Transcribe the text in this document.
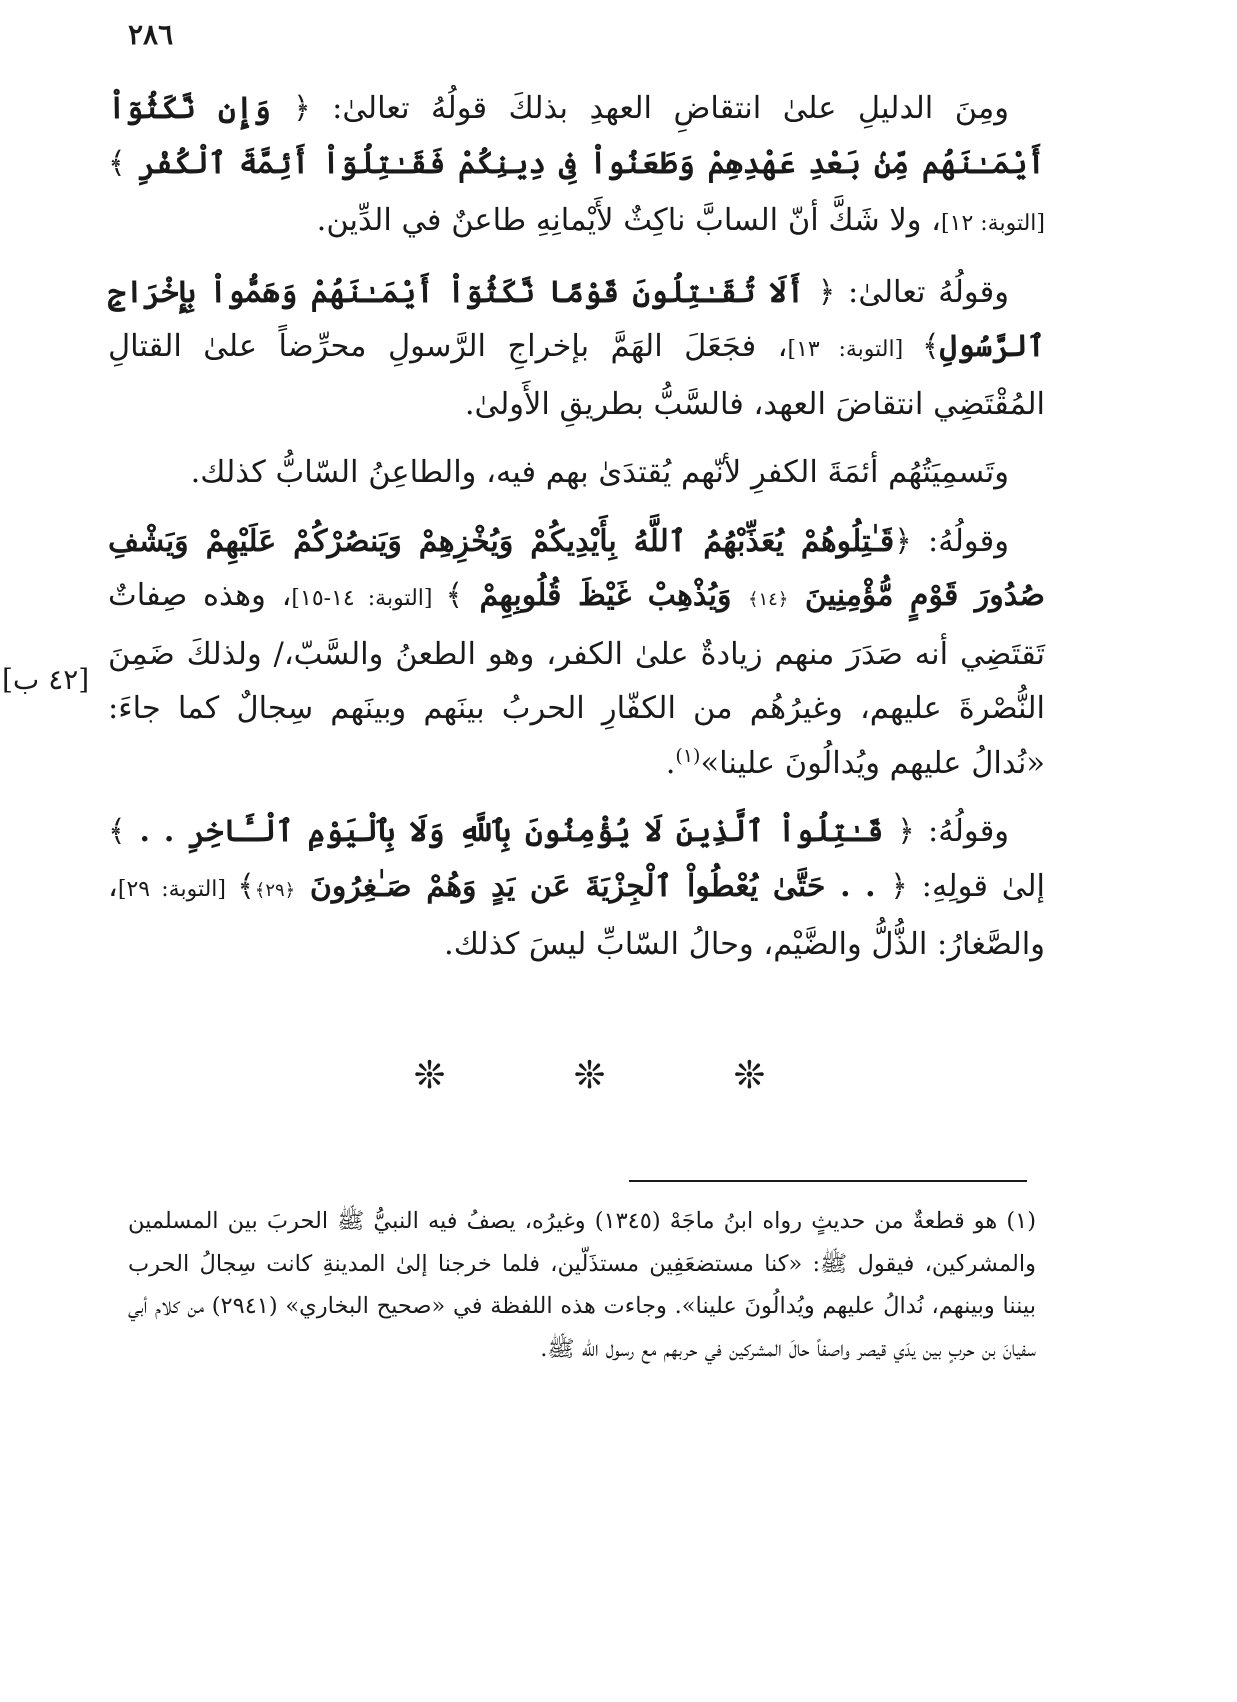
٢٨٦

ومِنَ الدليلِ علىٰ انتقاضِ العهدِ بذلكَ قولُهُ تعالىٰ: ﴿ وَإِن نَّكَثُوٓاْ أَيْمَـٰنَهُم مِّنۢ بَعْدِ عَهْدِهِمْ وَطَعَنُواْ فِى دِينِكُمْ فَقَـٰتِلُوٓاْ أَئِمَّةَ ٱلْكُفْرِ ﴾ [التوبة: ١٢]، ولا شَكَّ أنّ السابَّ ناكِثٌ لأَيْمانِهِ طاعنٌ في الدِّين.

وقولُهُ تعالىٰ: ﴿ أَلَا تُقَـٰتِلُونَ قَوْمًا نَّكَثُوٓاْ أَيْمَـٰنَهُمْ وَهَمُّواْ بِإِخْرَاجِ ٱلرَّسُولِ﴾ [التوبة: ١٣]، فجَعَلَ الهَمَّ بإخراجِ الرَّسولِ محرِّضاً علىٰ القتالِ المُقْتَضِي انتقاضَ العهد، فالسَّبُّ بطريقِ الأَولىٰ.

وتَسمِيَتُهُم أئمَةَ الكفرِ لأنّهم يُقتدَىٰ بهم فيه، والطاعِنُ السّابُّ كذلك.

وقولُهُ: ﴿قَـٰتِلُوهُمْ يُعَذِّبْهُمُ ٱللَّهُ بِأَيْدِيكُمْ وَيُخْزِهِمْ وَيَنصُرْكُمْ عَلَيْهِمْ وَيَشْفِ صُدُورَ قَوْمٍ مُّؤْمِنِينَ ﴿١٤﴾ وَيُذْهِبْ غَيْظَ قُلُوبِهِمْ ﴾ [التوبة: ١٤-١٥]، وهذه صِفاتٌ تَقتَضِي أنه صَدَرَ منهم زيادةٌ علىٰ الكفر، وهو الطعنُ والسَّبّ،/ ولذلكَ ضَمِنَ النُّصْرةَ عليهم، وغيرُهُم من الكفّارِ الحربُ بينَهم وبينَهم سِجالٌ كما جاءَ: «نُدالُ عليهم ويُدالُونَ علينا»$^{(١)}$.

وقولُهُ: ﴿ قَـٰتِلُواْ ٱلَّذِينَ لَا يُؤْمِنُونَ بِٱللَّهِ وَلَا بِٱلْيَوْمِ ٱلْـَٔاخِرِ . . ﴾ إلىٰ قولِهِ: ﴿ . . حَتَّىٰ يُعْطُواْ ٱلْجِزْيَةَ عَن يَدٍ وَهُمْ صَـٰغِرُونَ ﴿٢٩﴾﴾ [التوبة: ٢٩]، والصَّغارُ: الذُّلُّ والضَّيْم، وحالُ السّابِّ ليسَ كذلك.

[٤٢ ب]
❊ ❊ ❊

(١) هو قطعةٌ من حديثٍ رواه ابنُ ماجَهْ (١٣٤٥) وغيرُه، يصفُ فيه النبيُّ ﷺ الحربَ بين المسلمين والمشركين، فيقول ﷺ: «كنا مستضعَفِين مستذَلّين، فلما خرجنا إلىٰ المدينةِ كانت سِجالُ الحرب بيننا وبينهم، نُدالُ عليهم ويُدالُونَ علينا». وجاءت هذه اللفظة في «صحيح البخاري» (٢٩٤١) من كلام أبي سفيانَ بن حربٍ بين يدَي قيصر واصفاً حالَ المشركين في حربهم مع رسول الله ﷺ.
